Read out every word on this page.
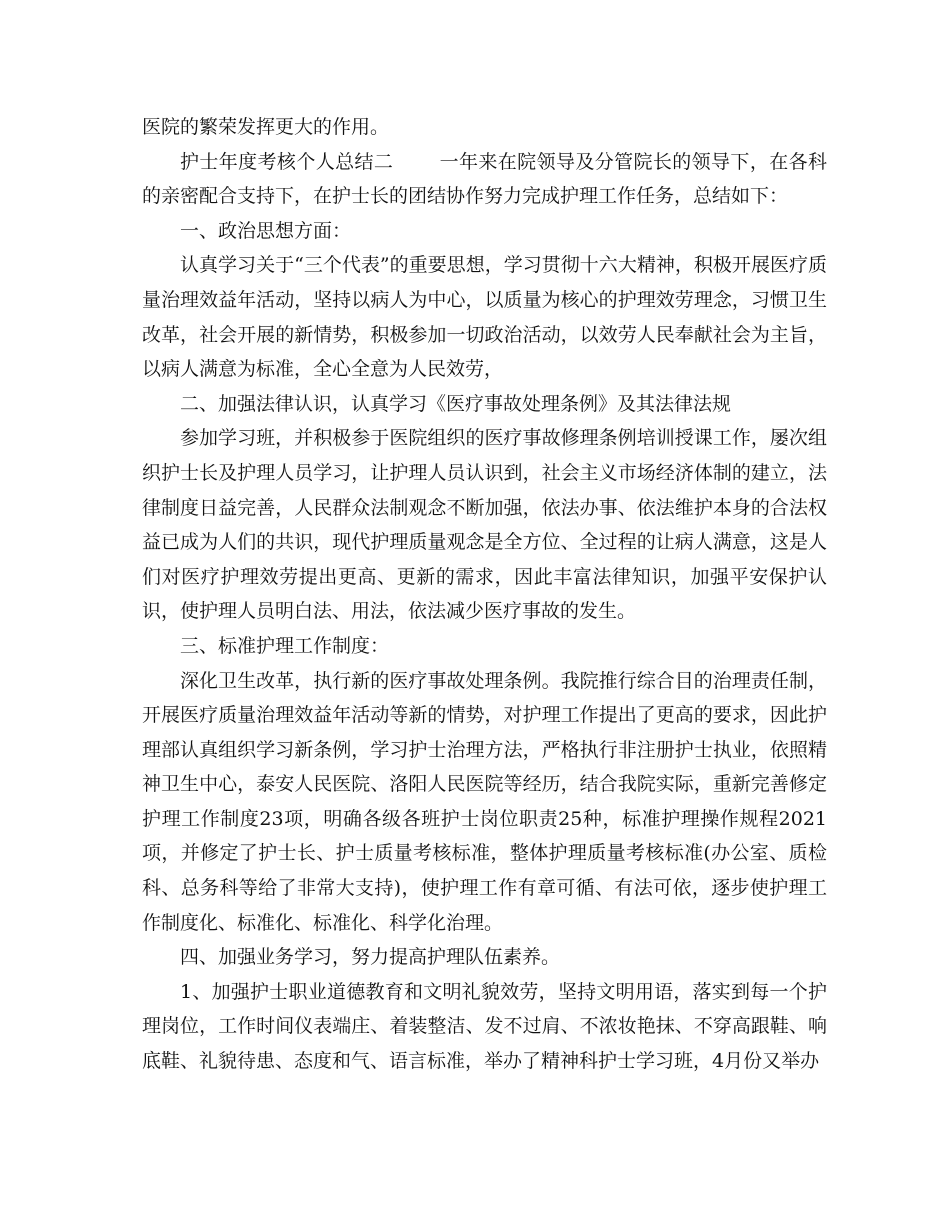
医院的繁荣发挥更大的作用。

护士年度考核个人总结二 一年来在院领导及分管院长的领导下，在各科的亲密配合支持下，在护士长的团结协作努力完成护理工作任务，总结如下：

一、政治思想方面：

认真学习关于“三个代表”的重要思想，学习贯彻十六大精神，积极开展医疗质量治理效益年活动，坚持以病人为中心，以质量为核心的护理效劳理念，习惯卫生改革，社会开展的新情势，积极参加一切政治活动，以效劳人民奉献社会为主旨，以病人满意为标准，全心全意为人民效劳，

二、加强法律认识，认真学习《医疗事故处理条例》及其法律法规

参加学习班，并积极参于医院组织的医疗事故修理条例培训授课工作，屡次组织护士长及护理人员学习，让护理人员认识到，社会主义市场经济体制的建立，法律制度日益完善，人民群众法制观念不断加强，依法办事、依法维护本身的合法权益已成为人们的共识，现代护理质量观念是全方位、全过程的让病人满意，这是人们对医疗护理效劳提出更高、更新的需求，因此丰富法律知识，加强平安保护认识，使护理人员明白法、用法，依法减少医疗事故的发生。

三、标准护理工作制度：

深化卫生改革，执行新的医疗事故处理条例。我院推行综合目的治理责任制，开展医疗质量治理效益年活动等新的情势，对护理工作提出了更高的要求，因此护理部认真组织学习新条例，学习护士治理方法，严格执行非注册护士执业，依照精神卫生中心，泰安人民医院、洛阳人民医院等经历，结合我院实际，重新完善修定护理工作制度23项，明确各级各班护士岗位职责25种，标准护理操作规程2021项，并修定了护士长、护士质量考核标准，整体护理质量考核标准(办公室、质检科、总务科等给了非常大支持)，使护理工作有章可循、有法可依，逐步使护理工作制度化、标准化、标准化、科学化治理。

四、加强业务学习，努力提高护理队伍素养。

1、加强护士职业道德教育和文明礼貌效劳，坚持文明用语，落实到每一个护理岗位，工作时间仪表端庄、着装整洁、发不过肩、不浓妆艳抹、不穿高跟鞋、响底鞋、礼貌待患、态度和气、语言标准，举办了精神科护士学习班，4月份又举办
